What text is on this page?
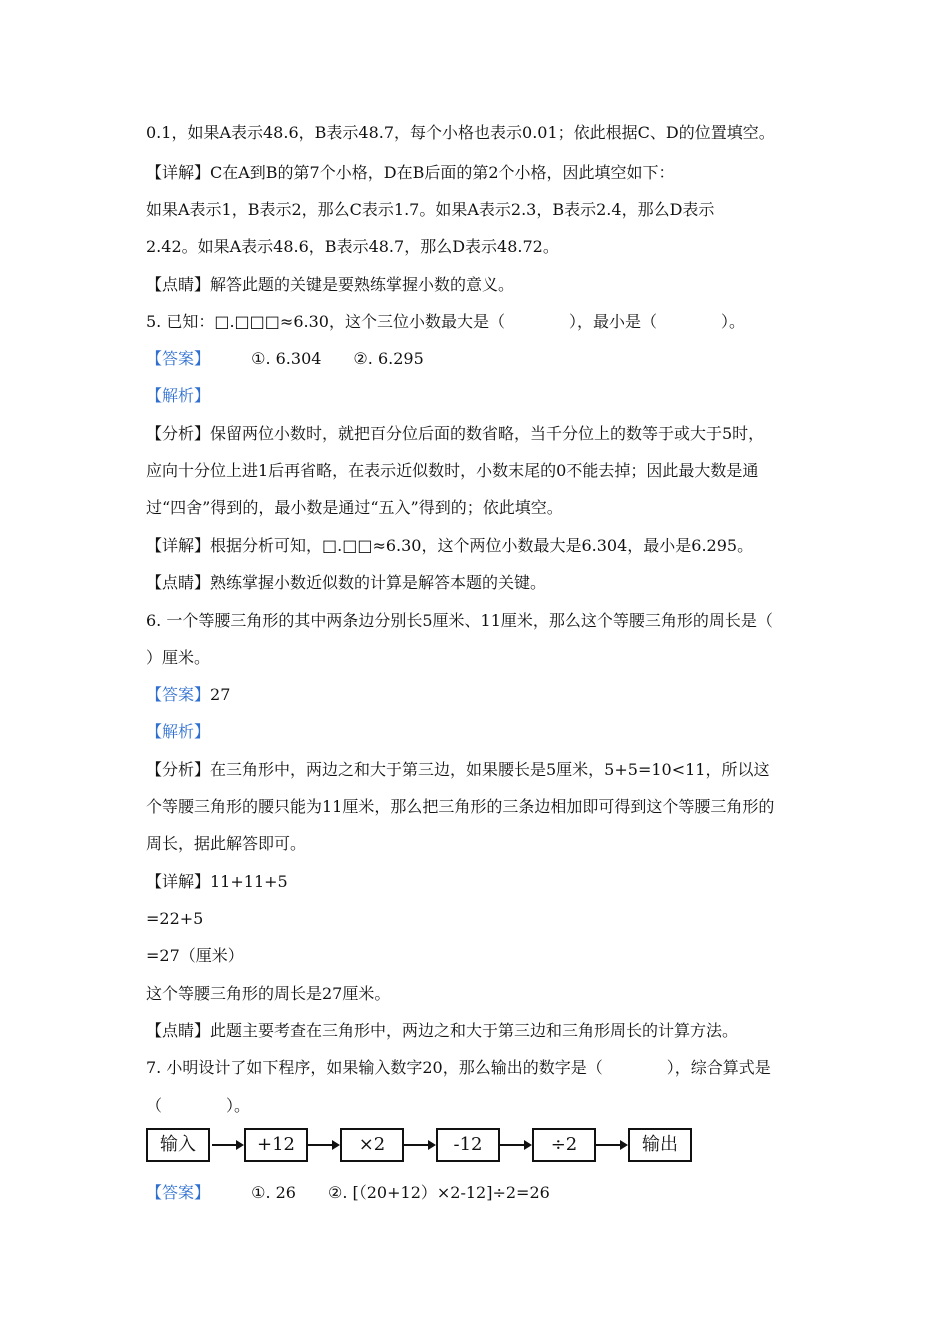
0.1，如果A表示48.6，B表示48.7，每个小格也表示0.01；依此根据C、D的位置填空。
【详解】C在A到B的第7个小格，D在B后面的第2个小格，因此填空如下：
如果A表示1，B表示2，那么C表示1.7。如果A表示2.3，B表示2.4，那么D表示
2.42。如果A表示48.6，B表示48.7，那么D表示48.72。
【点睛】解答此题的关键是要熟练掌握小数的意义。
5. 已知：□.□□□≈6.30，这个三位小数最大是（　　　　），最小是（　　　　）。
【答案】	①. 6.304　　②. 6.295
【解析】
【分析】保留两位小数时，就把百分位后面的数省略，当千分位上的数等于或大于5时，
应向十分位上进1后再省略，在表示近似数时，小数末尾的0不能去掉；因此最大数是通
过“四舍”得到的，最小数是通过“五入”得到的；依此填空。
【详解】根据分析可知，□.□□≈6.30，这个两位小数最大是6.304，最小是6.295。
【点睛】熟练掌握小数近似数的计算是解答本题的关键。
6. 一个等腰三角形的其中两条边分别长5厘米、11厘米，那么这个等腰三角形的周长是（
）厘米。
【答案】27
【解析】
【分析】在三角形中，两边之和大于第三边，如果腰长是5厘米，5+5=10<11，所以这
个等腰三角形的腰只能为11厘米，那么把三角形的三条边相加即可得到这个等腰三角形的
周长，据此解答即可。
【详解】11+11+5
=22+5
=27（厘米）
这个等腰三角形的周长是27厘米。
【点睛】此题主要考查在三角形中，两边之和大于第三边和三角形周长的计算方法。
7. 小明设计了如下程序，如果输入数字20，那么输出的数字是（　　　　），综合算式是
（　　　　）。
输入	+12	×2	-12	÷2	输出
【答案】	①. 26　　②. [（20+12）×2-12]÷2=26
